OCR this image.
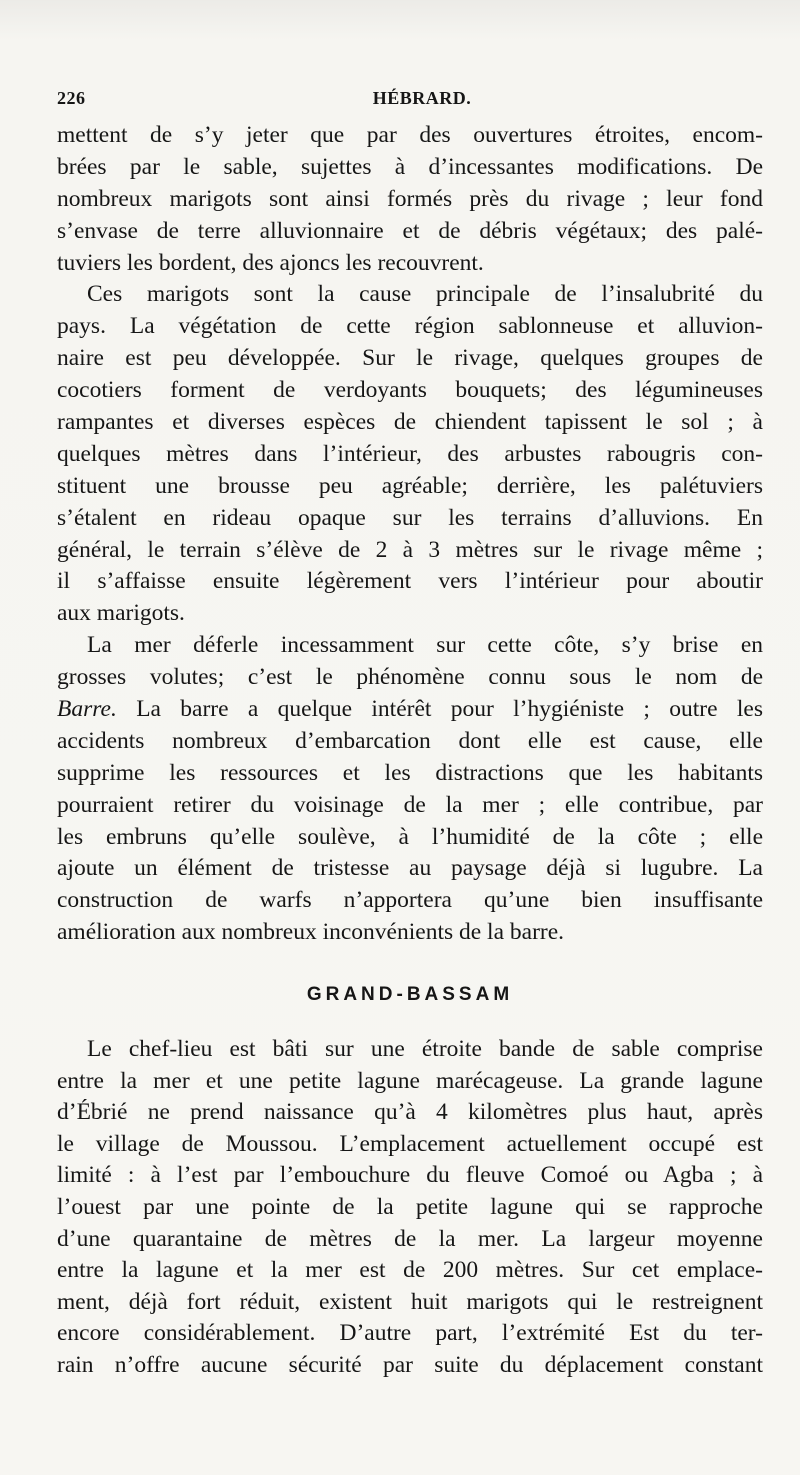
226	HÉBRARD.
mettent de s’y jeter que par des ouvertures étroites, encom-
brées par le sable, sujettes à d’incessantes modifications. De
nombreux marigots sont ainsi formés près du rivage ; leur fond
s’envase de terre alluvionnaire et de débris végétaux; des palé-
tuviers les bordent, des ajoncs les recouvrent.
Ces marigots sont la cause principale de l’insalubrité du
pays. La végétation de cette région sablonneuse et alluvion-
naire est peu développée. Sur le rivage, quelques groupes de
cocotiers forment de verdoyants bouquets; des légumineuses
rampantes et diverses espèces de chiendent tapissent le sol ; à
quelques mètres dans l’intérieur, des arbustes rabougris con-
stituent une brousse peu agréable; derrière, les palétuviers
s’étalent en rideau opaque sur les terrains d’alluvions. En
général, le terrain s’élève de 2 à 3 mètres sur le rivage même ;
il s’affaisse ensuite légèrement vers l’intérieur pour aboutir
aux marigots.
La mer déferle incessamment sur cette côte, s’y brise en
grosses volutes; c’est le phénomène connu sous le nom de
Barre. La barre a quelque intérêt pour l’hygiéniste ; outre les
accidents nombreux d’embarcation dont elle est cause, elle
supprime les ressources et les distractions que les habitants
pourraient retirer du voisinage de la mer ; elle contribue, par
les embruns qu’elle soulève, à l’humidité de la côte ; elle
ajoute un élément de tristesse au paysage déjà si lugubre. La
construction de warfs n’apportera qu’une bien insuffisante
amélioration aux nombreux inconvénients de la barre.
GRAND-BASSAM
Le chef-lieu est bâti sur une étroite bande de sable comprise
entre la mer et une petite lagune marécageuse. La grande lagune
d’Ébrié ne prend naissance qu’à 4 kilomètres plus haut, après
le village de Moussou. L’emplacement actuellement occupé est
limité : à l’est par l’embouchure du fleuve Comoé ou Agba ; à
l’ouest par une pointe de la petite lagune qui se rapproche
d’une quarantaine de mètres de la mer. La largeur moyenne
entre la lagune et la mer est de 200 mètres. Sur cet emplace-
ment, déjà fort réduit, existent huit marigots qui le restreignent
encore considérablement. D’autre part, l’extrémité Est du ter-
rain n’offre aucune sécurité par suite du déplacement constant
